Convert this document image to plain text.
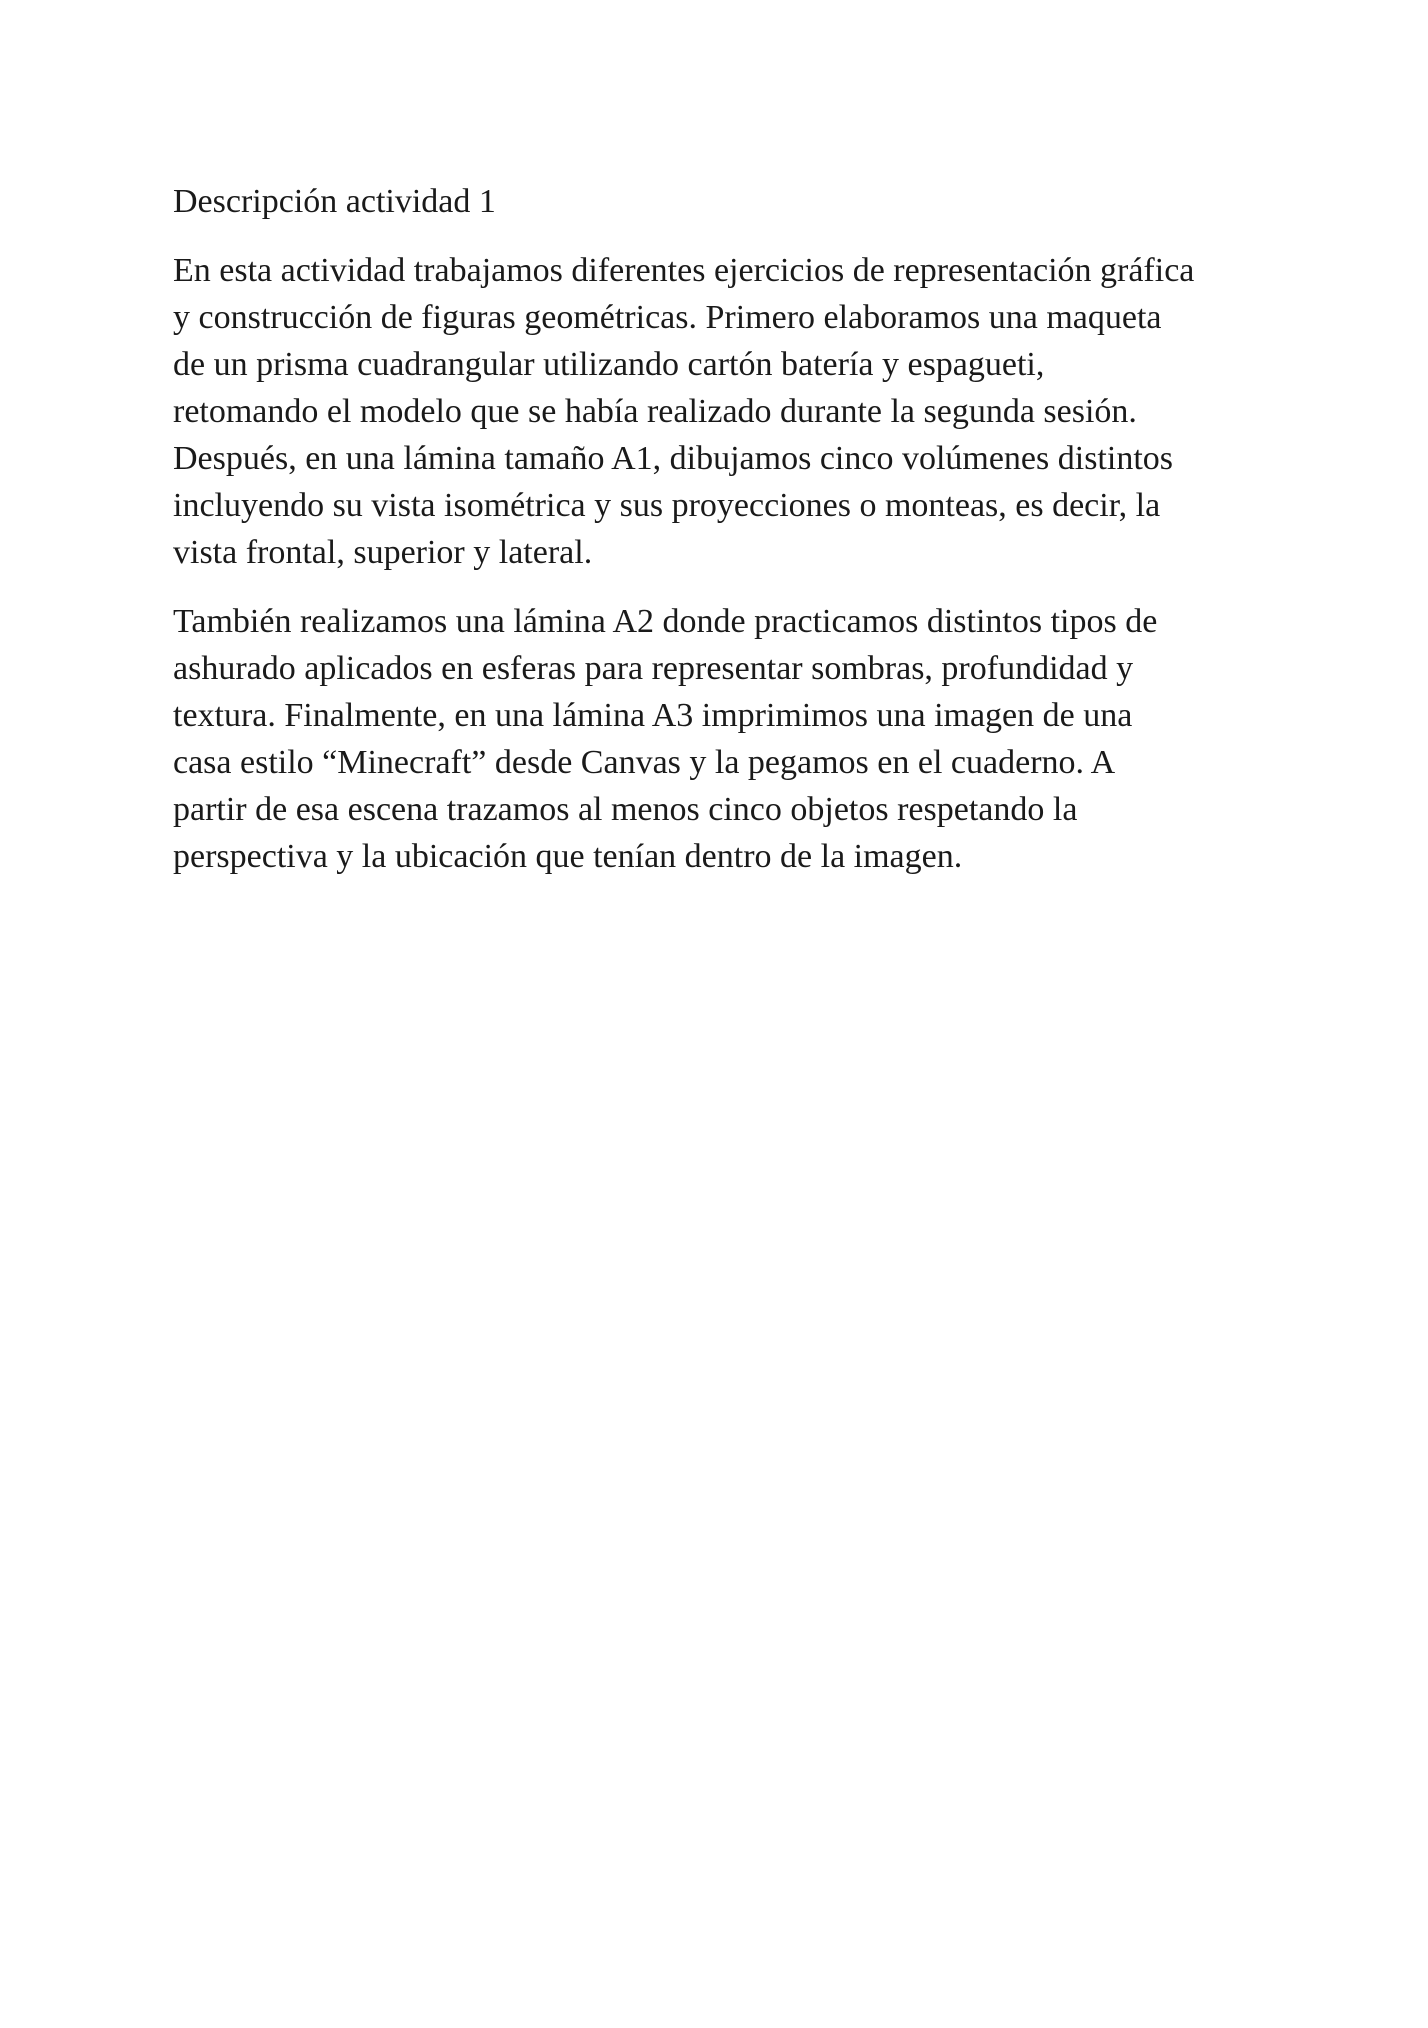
Descripción actividad 1

En esta actividad trabajamos diferentes ejercicios de representación gráfica
y construcción de figuras geométricas. Primero elaboramos una maqueta
de un prisma cuadrangular utilizando cartón batería y espagueti,
retomando el modelo que se había realizado durante la segunda sesión.
Después, en una lámina tamaño A1, dibujamos cinco volúmenes distintos
incluyendo su vista isométrica y sus proyecciones o monteas, es decir, la
vista frontal, superior y lateral.

También realizamos una lámina A2 donde practicamos distintos tipos de
ashurado aplicados en esferas para representar sombras, profundidad y
textura. Finalmente, en una lámina A3 imprimimos una imagen de una
casa estilo “Minecraft” desde Canvas y la pegamos en el cuaderno. A
partir de esa escena trazamos al menos cinco objetos respetando la
perspectiva y la ubicación que tenían dentro de la imagen.
